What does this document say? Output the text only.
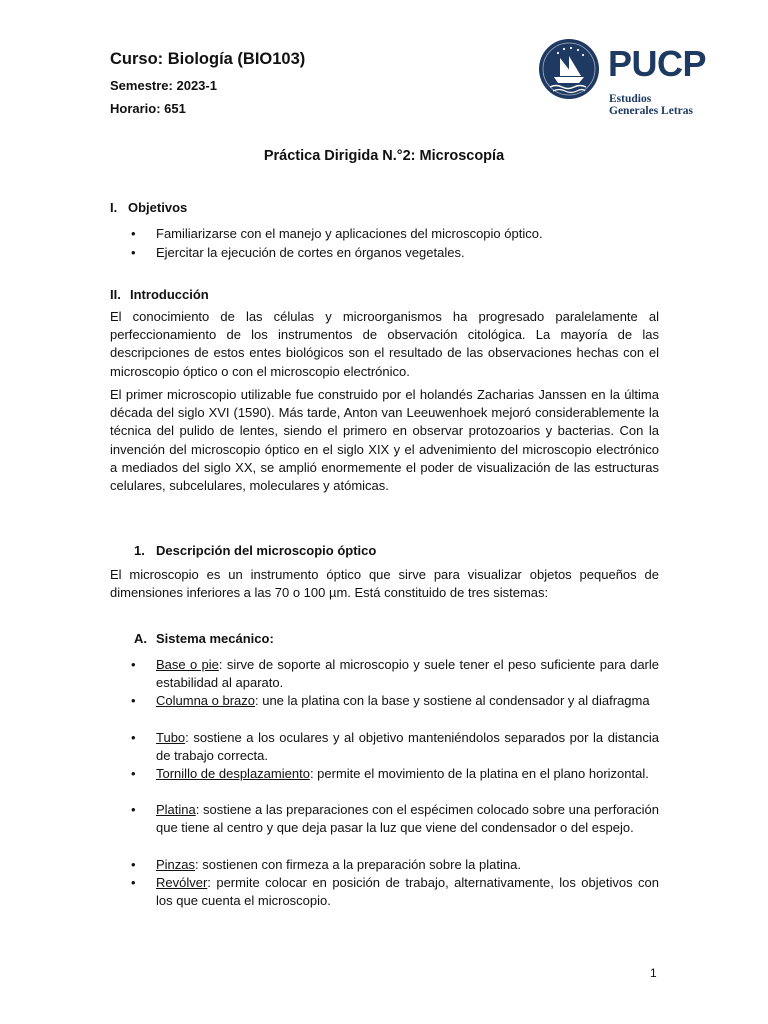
Curso: Biología (BIO103)
Semestre: 2023-1
Horario: 651
PUCP
Estudios
Generales Letras
Práctica Dirigida N.°2: Microscopía
I. Objetivos
• Familiarizarse con el manejo y aplicaciones del microscopio óptico.
• Ejercitar la ejecución de cortes en órganos vegetales.
II. Introducción
El conocimiento de las células y microorganismos ha progresado paralelamente al perfeccionamiento de los instrumentos de observación citológica. La mayoría de las descripciones de estos entes biológicos son el resultado de las observaciones hechas con el microscopio óptico o con el microscopio electrónico.
El primer microscopio utilizable fue construido por el holandés Zacharias Janssen en la última década del siglo XVI (1590). Más tarde, Anton van Leeuwenhoek mejoró considerablemente la técnica del pulido de lentes, siendo el primero en observar protozoarios y bacterias. Con la invención del microscopio óptico en el siglo XIX y el advenimiento del microscopio electrónico a mediados del siglo XX, se amplió enormemente el poder de visualización de las estructuras celulares, subcelulares, moleculares y atómicas.
1. Descripción del microscopio óptico
El microscopio es un instrumento óptico que sirve para visualizar objetos pequeños de dimensiones inferiores a las 70 o 100 µm. Está constituido de tres sistemas:
A. Sistema mecánico:
• Base o pie: sirve de soporte al microscopio y suele tener el peso suficiente para darle estabilidad al aparato.
• Columna o brazo: une la platina con la base y sostiene al condensador y al diafragma
• Tubo: sostiene a los oculares y al objetivo manteniéndolos separados por la distancia de trabajo correcta.
• Tornillo de desplazamiento: permite el movimiento de la platina en el plano horizontal.
• Platina: sostiene a las preparaciones con el espécimen colocado sobre una perforación que tiene al centro y que deja pasar la luz que viene del condensador o del espejo.
• Pinzas: sostienen con firmeza a la preparación sobre la platina.
• Revólver: permite colocar en posición de trabajo, alternativamente, los objetivos con los que cuenta el microscopio.
1
